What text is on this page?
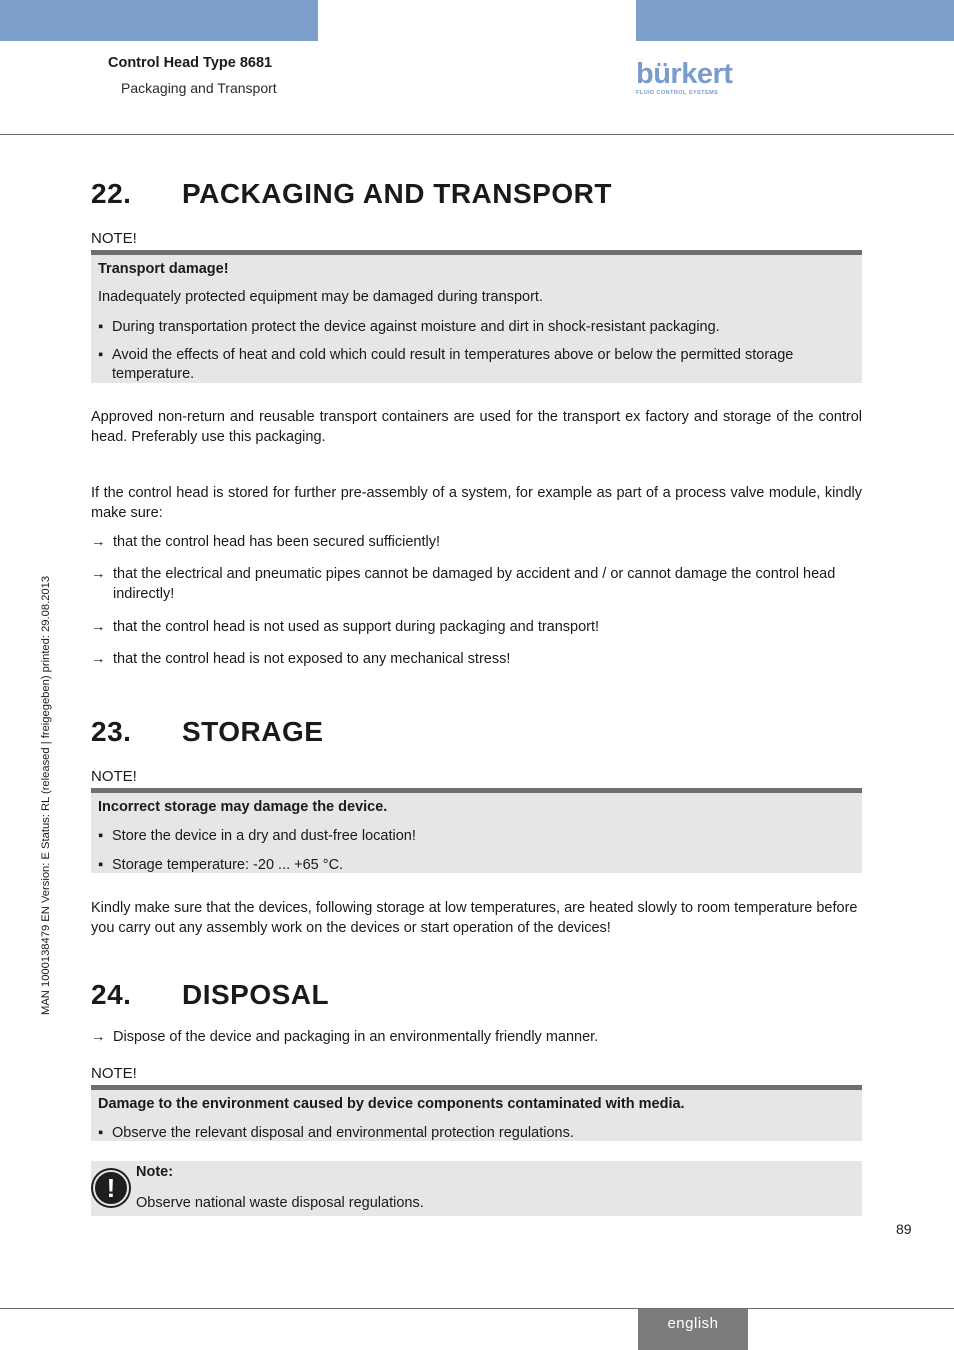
Control Head Type 8681
Packaging and Transport	bürkert
FLUID CONTROL SYSTEMS
MAN 1000138479 EN Version: E Status: RL (released | freigegeben) printed: 29.08.2013
22. PACKAGING AND TRANSPORT
NOTE!
Transport damage!
Inadequately protected equipment may be damaged during transport.
▪ During transportation protect the device against moisture and dirt in shock-resistant packaging.
▪ Avoid the effects of heat and cold which could result in temperatures above or below the permitted storage temperature.
Approved non-return and reusable transport containers are used for the transport ex factory and storage of the control head. Preferably use this packaging.
If the control head is stored for further pre-assembly of a system, for example as part of a process valve module, kindly make sure:
→ that the control head has been secured sufficiently!
→ that the electrical and pneumatic pipes cannot be damaged by accident and / or cannot damage the control head indirectly!
→ that the control head is not used as support during packaging and transport!
→ that the control head is not exposed to any mechanical stress!
23. STORAGE
NOTE!
Incorrect storage may damage the device.
▪ Store the device in a dry and dust-free location!
▪ Storage temperature: -20 ... +65 °C.
Kindly make sure that the devices, following storage at low temperatures, are heated slowly to room temperature before you carry out any assembly work on the devices or start operation of the devices!
24. DISPOSAL
→ Dispose of the device and packaging in an environmentally friendly manner.
NOTE!
Damage to the environment caused by device components contaminated with media.
▪ Observe the relevant disposal and environmental protection regulations.
!
Note:
Observe national waste disposal regulations.
89
english
